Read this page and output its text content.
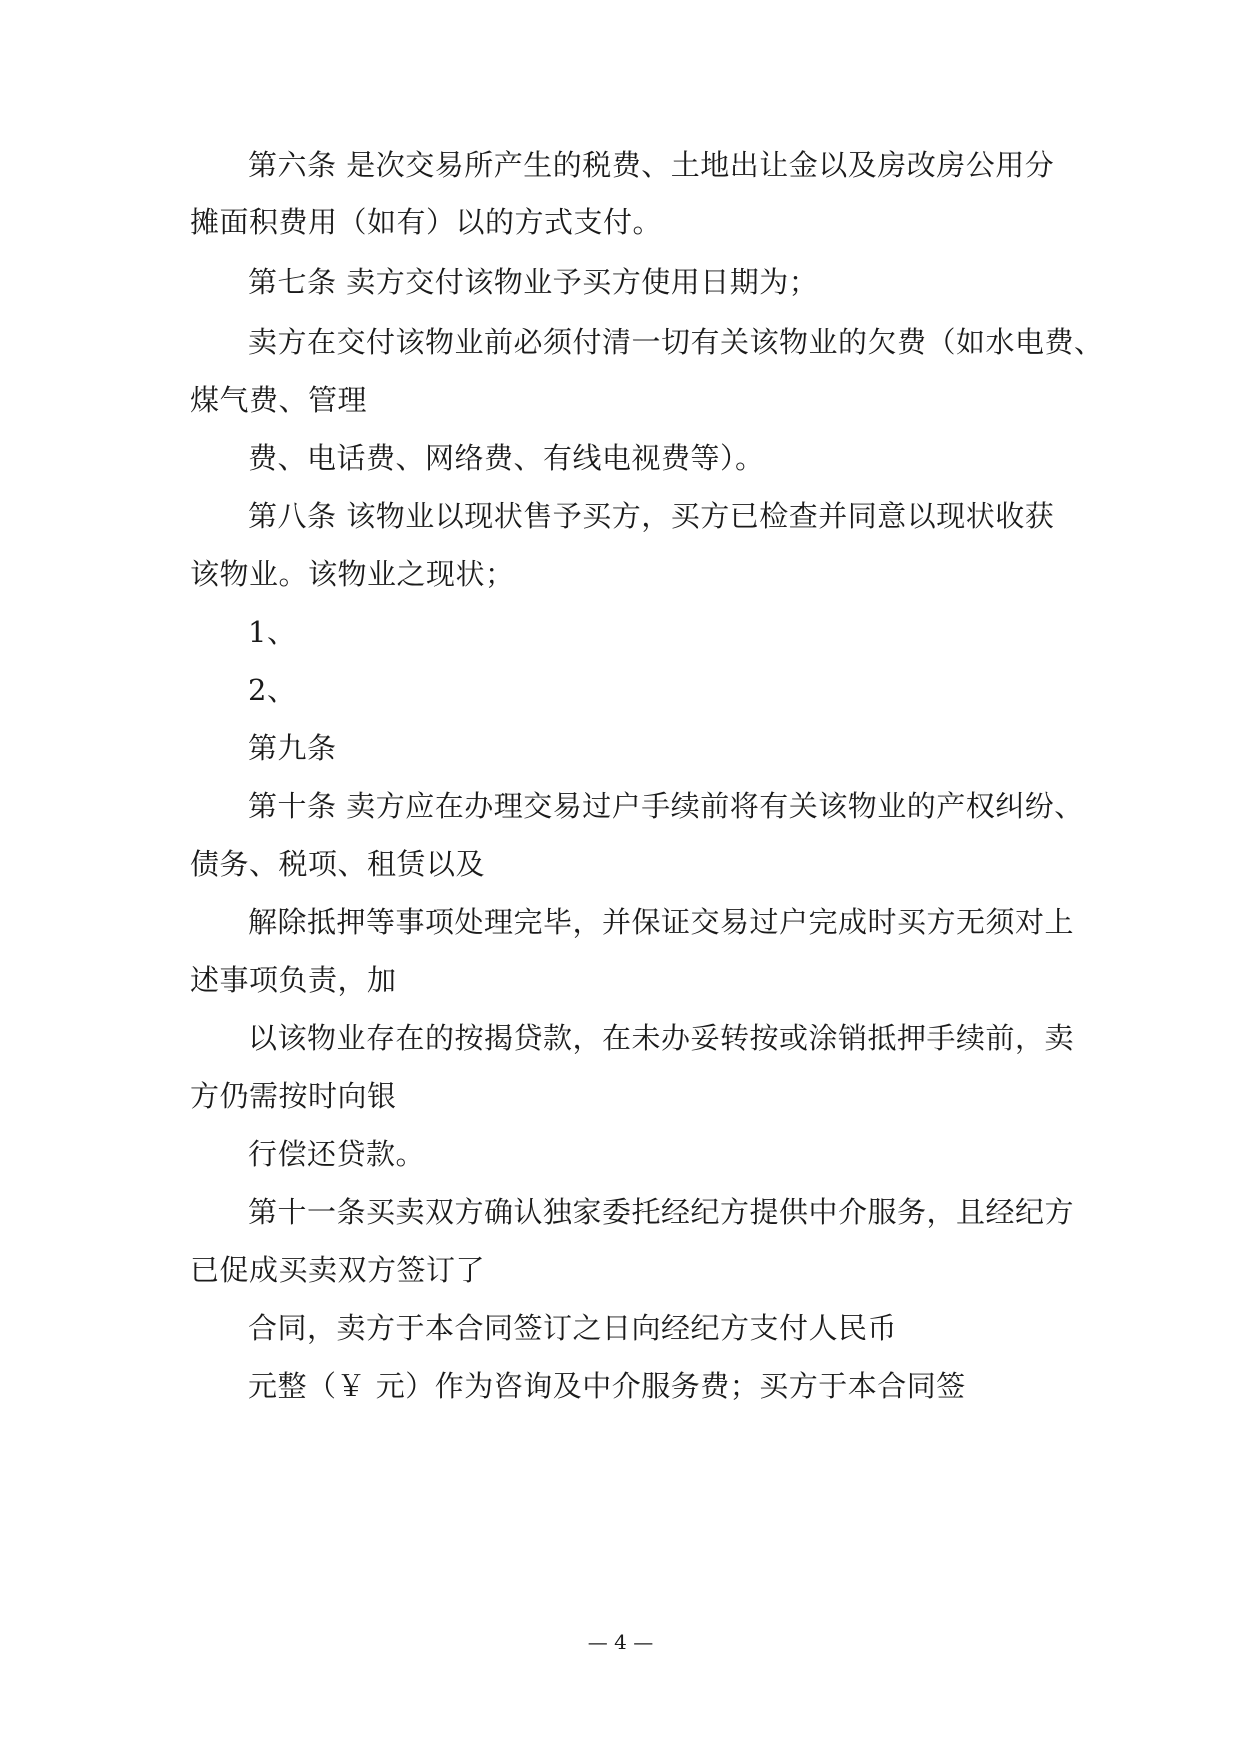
第六条 是次交易所产生的税费、土地出让金以及房改房公用分
摊面积费用（如有）以的方式支付。
第七条 卖方交付该物业予买方使用日期为；
卖方在交付该物业前必须付清一切有关该物业的欠费（如水电费、
煤气费、管理
费、电话费、网络费、有线电视费等）。
第八条 该物业以现状售予买方，买方已检查并同意以现状收获
该物业。该物业之现状；
1、
2、
第九条
第十条 卖方应在办理交易过户手续前将有关该物业的产权纠纷、
债务、税项、租赁以及
解除抵押等事项处理完毕，并保证交易过户完成时买方无须对上
述事项负责，加
以该物业存在的按揭贷款，在未办妥转按或涂销抵押手续前，卖
方仍需按时向银
行偿还贷款。
第十一条买卖双方确认独家委托经纪方提供中介服务，且经纪方
已促成买卖双方签订了
合同，卖方于本合同签订之日向经纪方支付人民币
元整（￥ 元）作为咨询及中介服务费；买方于本合同签
— 4 —
